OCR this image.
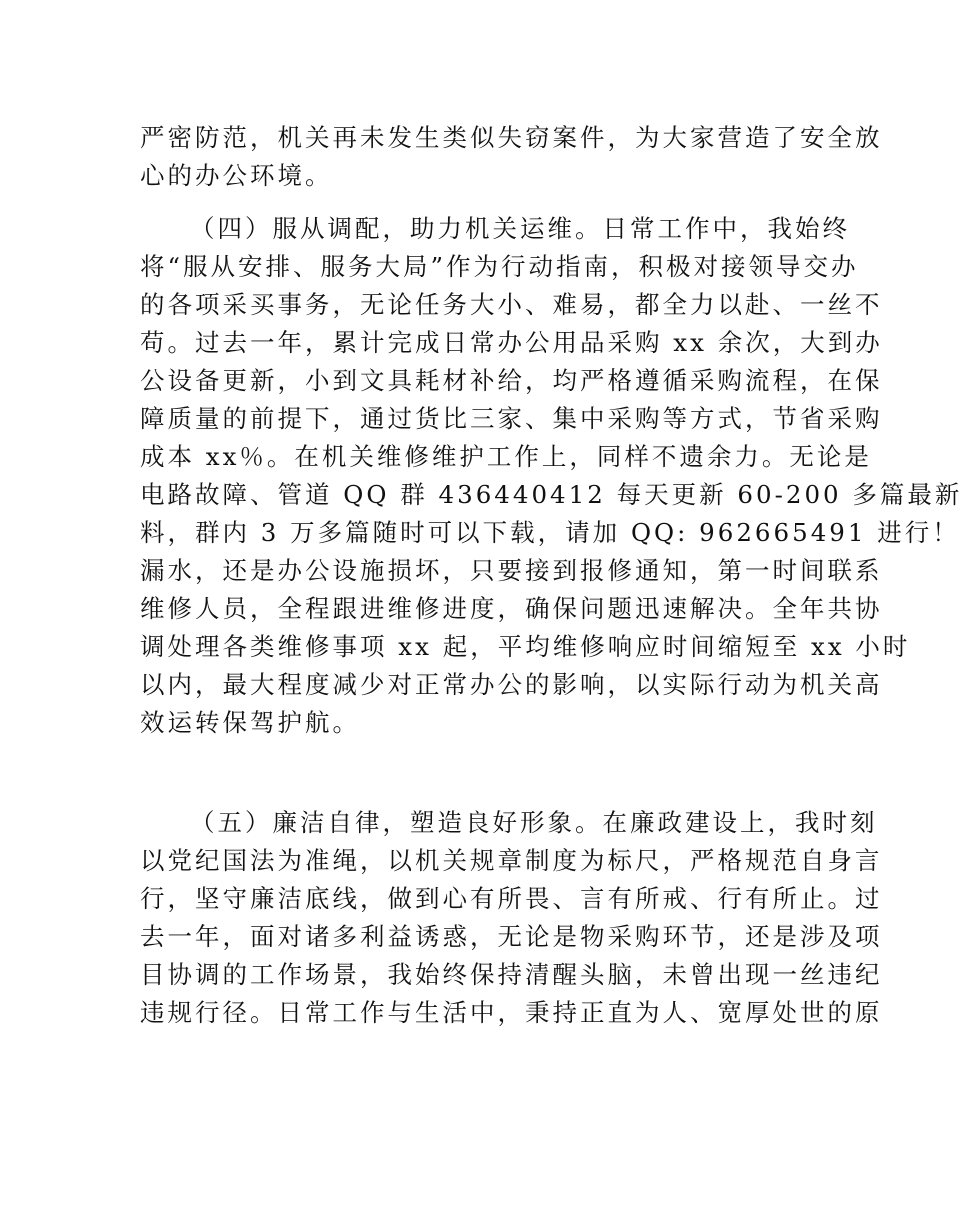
严密防范，机关再未发生类似失窃案件，为大家营造了安全放
心的办公环境。
（四）服从调配，助力机关运维。日常工作中，我始终
将“服从安排、服务大局”作为行动指南，积极对接领导交办
的各项采买事务，无论任务大小、难易，都全力以赴、一丝不
苟。过去一年，累计完成日常办公用品采购 xx 余次，大到办
公设备更新，小到文具耗材补给，均严格遵循采购流程，在保
障质量的前提下，通过货比三家、集中采购等方式，节省采购
成本 xx％。在机关维修维护工作上，同样不遗余力。无论是
电路故障、管道 QQ 群 436440412 每天更新 60-200 多篇最新
料，群内 3 万多篇随时可以下载，请加 QQ: 962665491 进行！
漏水，还是办公设施损坏，只要接到报修通知，第一时间联系
维修人员，全程跟进维修进度，确保问题迅速解决。全年共协
调处理各类维修事项 xx 起，平均维修响应时间缩短至 xx 小时
以内，最大程度减少对正常办公的影响，以实际行动为机关高
效运转保驾护航。
（五）廉洁自律，塑造良好形象。在廉政建设上，我时刻
以党纪国法为准绳，以机关规章制度为标尺，严格规范自身言
行，坚守廉洁底线，做到心有所畏、言有所戒、行有所止。过
去一年，面对诸多利益诱惑，无论是物采购环节，还是涉及项
目协调的工作场景，我始终保持清醒头脑，未曾出现一丝违纪
违规行径。日常工作与生活中，秉持正直为人、宽厚处世的原
